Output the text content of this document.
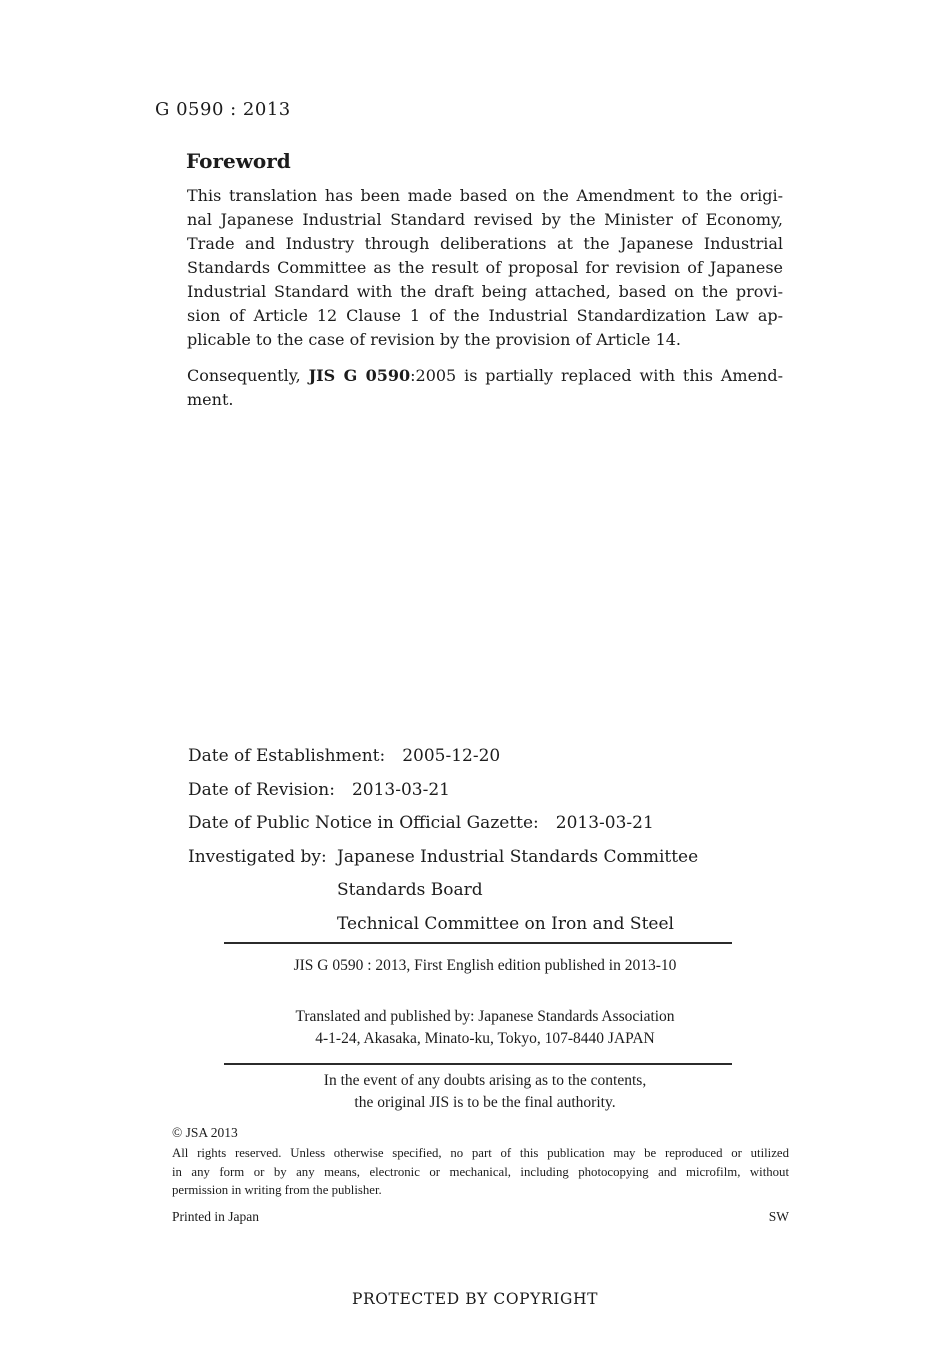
G 0590 : 2013
Foreword
This translation has been made based on the Amendment to the origi-
nal Japanese Industrial Standard revised by the Minister of Economy,
Trade and Industry through deliberations at the Japanese Industrial
Standards Committee as the result of proposal for revision of Japanese
Industrial Standard with the draft being attached, based on the provi-
sion of Article 12 Clause 1 of the Industrial Standardization Law ap-
plicable to the case of revision by the provision of Article 14.
Consequently, JIS G 0590:2005 is partially replaced with this Amend-
ment.
Date of Establishment: 2005-12-20
Date of Revision: 2013-03-21
Date of Public Notice in Official Gazette: 2013-03-21
Investigated by: Japanese Industrial Standards Committee
Standards Board
Technical Committee on Iron and Steel
JIS G 0590 : 2013, First English edition published in 2013-10
Translated and published by: Japanese Standards Association
4-1-24, Akasaka, Minato-ku, Tokyo, 107-8440 JAPAN
In the event of any doubts arising as to the contents,
the original JIS is to be the final authority.
© JSA 2013
All rights reserved. Unless otherwise specified, no part of this publication may be reproduced or utilized
in any form or by any means, electronic or mechanical, including photocopying and microfilm, without
permission in writing from the publisher.
Printed in Japan	SW
PROTECTED BY COPYRIGHT
